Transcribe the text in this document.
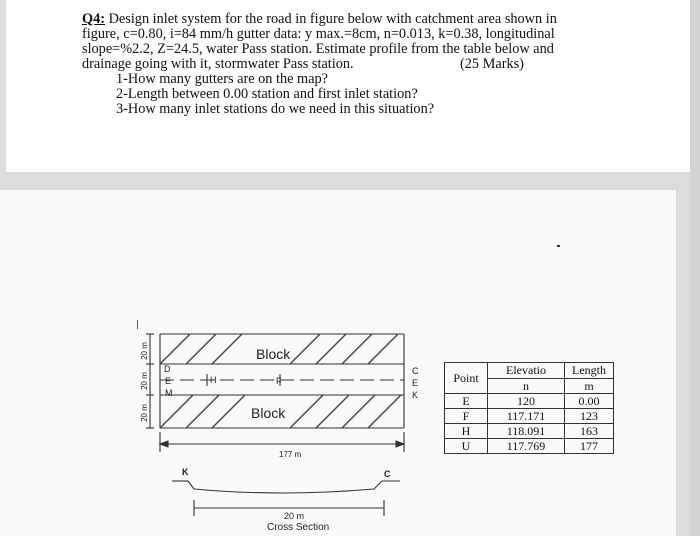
Q4: Design inlet system for the road in figure below with catchment area shown in

figure, c=0.80, i=84 mm/h gutter data: y max.=8cm, n=0.013, k=0.38, longitudinal

slope=%2.2, Z=24.5, water Pass station. Estimate profile from the table below and

drainage going with it, stormwater Pass station.	(25 Marks)

1-How many gutters are on the map?

2-Length between 0.00 station and first inlet station?

3-How many inlet stations do we need in this situation?

Block
Block
D
E
M
H	F
C
E
K
20 m
20 m
20 m
177 m
K	C
20 m
Cross Section
Point	Elevatio	Length
	n	m
E	120	0.00
F	117.171	123
H	118.091	163
U	117.769	177
